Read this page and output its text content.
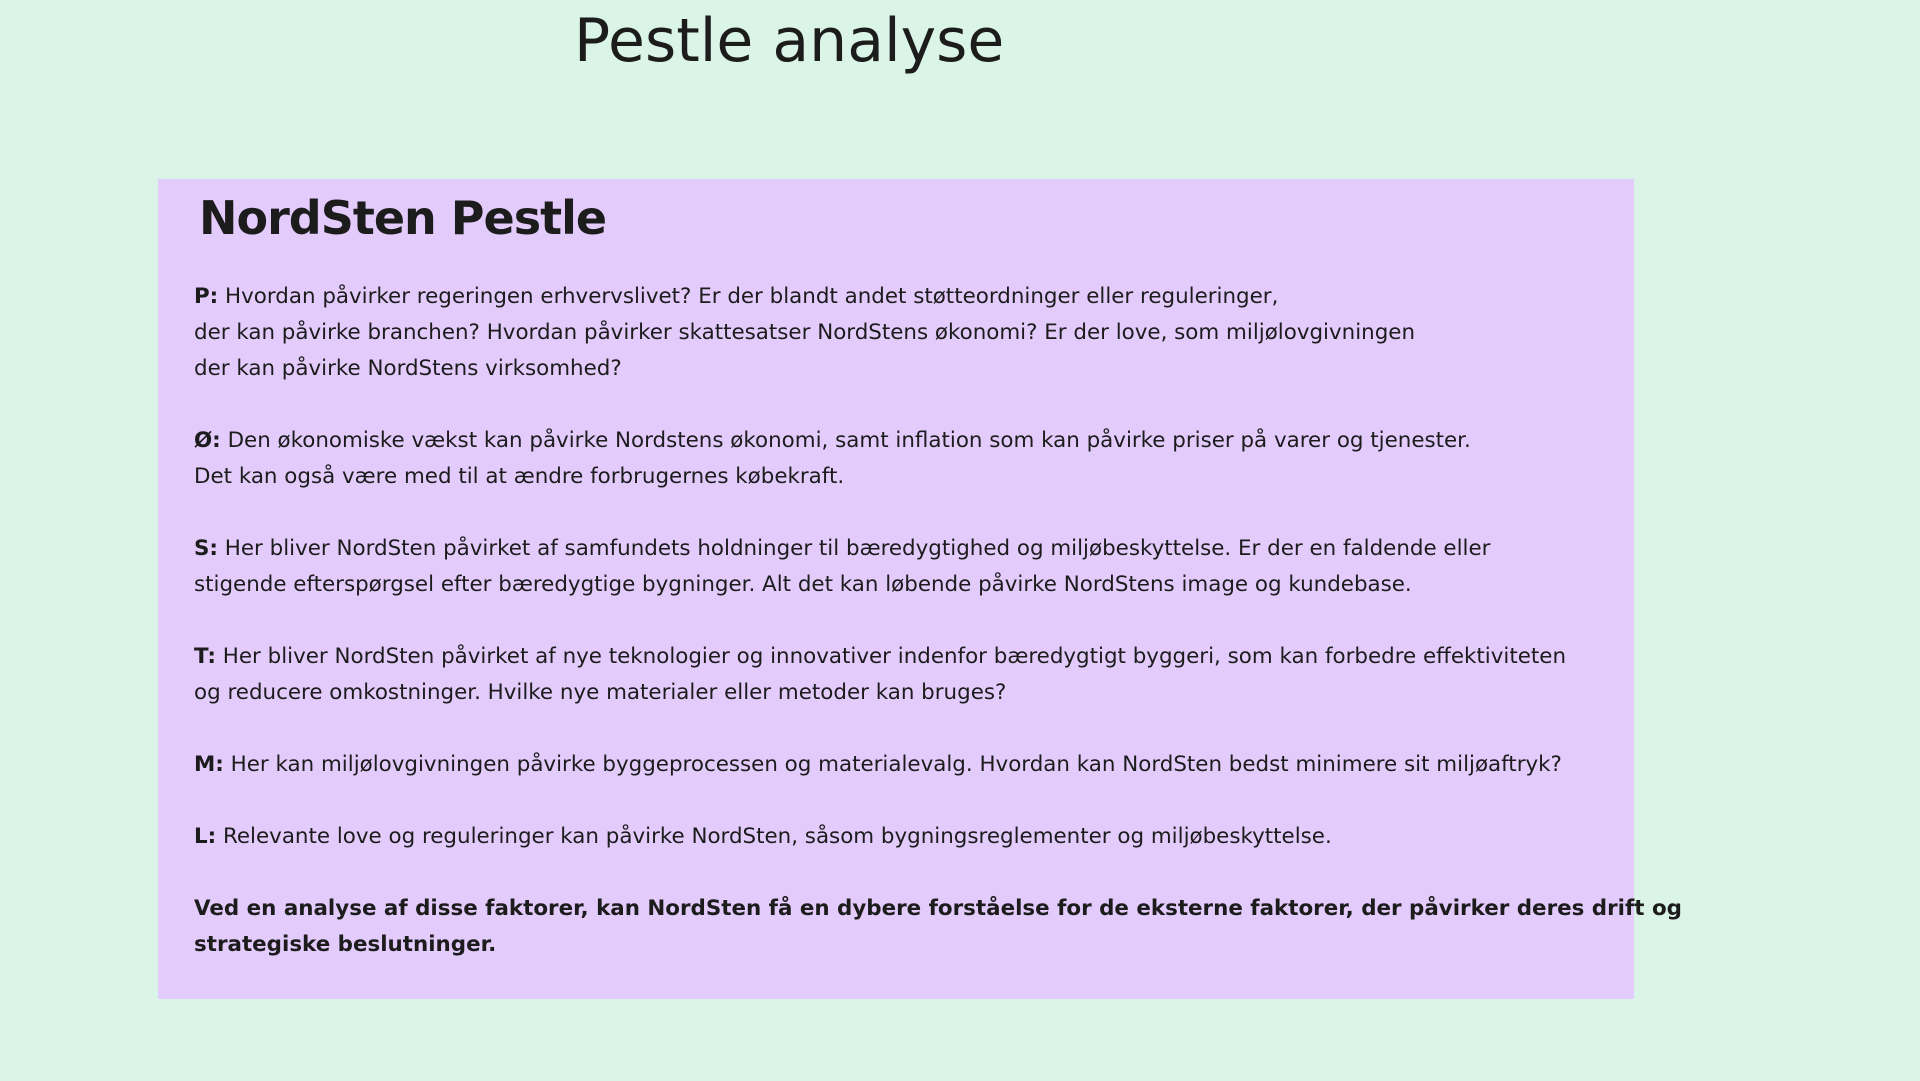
Pestle analyse
NordSten Pestle

P: Hvordan påvirker regeringen erhvervslivet? Er der blandt andet støtteordninger eller reguleringer,
der kan påvirke branchen? Hvordan påvirker skattesatser NordStens økonomi? Er der love, som miljølovgivningen
der kan påvirke NordStens virksomhed?

Ø: Den økonomiske vækst kan påvirke Nordstens økonomi, samt inflation som kan påvirke priser på varer og tjenester.
Det kan også være med til at ændre forbrugernes købekraft.

S: Her bliver NordSten påvirket af samfundets holdninger til bæredygtighed og miljøbeskyttelse. Er der en faldende eller
stigende efterspørgsel efter bæredygtige bygninger. Alt det kan løbende påvirke NordStens image og kundebase.

T: Her bliver NordSten påvirket af nye teknologier og innovativer indenfor bæredygtigt byggeri, som kan forbedre effektiviteten
og reducere omkostninger. Hvilke nye materialer eller metoder kan bruges?

M: Her kan miljølovgivningen påvirke byggeprocessen og materialevalg. Hvordan kan NordSten bedst minimere sit miljøaftryk?

L: Relevante love og reguleringer kan påvirke NordSten, såsom bygningsreglementer og miljøbeskyttelse.

Ved en analyse af disse faktorer, kan NordSten få en dybere forståelse for de eksterne faktorer, der påvirker deres drift og
strategiske beslutninger.
